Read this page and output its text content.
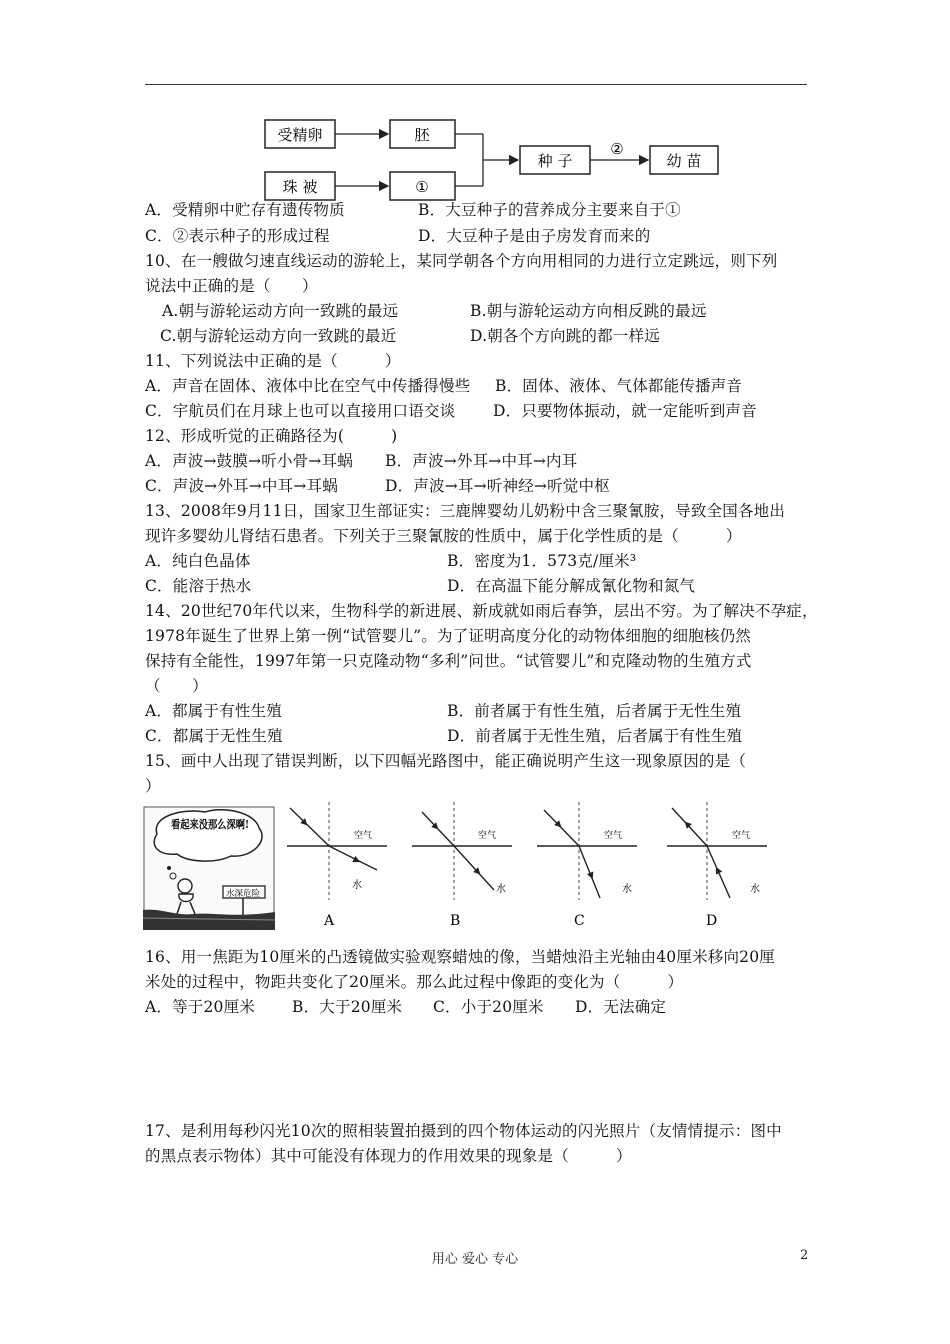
受精卵	胚
珠 被	①
种 子
②
幼 苗
A．受精卵中贮存有遗传物质	B．大豆种子的营养成分主要来自于①
C．②表示种子的形成过程	D．大豆种子是由子房发育而来的
10、在一艘做匀速直线运动的游轮上，某同学朝各个方向用相同的力进行立定跳远，则下列
说法中正确的是（　　）
A.朝与游轮运动方向一致跳的最远	B.朝与游轮运动方向相反跳的最远
C.朝与游轮运动方向一致跳的最近	D.朝各个方向跳的都一样远
11、下列说法中正确的是（　　　）
A．声音在固体、液体中比在空气中传播得慢些 B．固体、液体、气体都能传播声音
C．宇航员们在月球上也可以直接用口语交谈 D．只要物体振动，就一定能听到声音
12、形成听觉的正确路径为(　　　)
A．声波→鼓膜→听小骨→耳蜗 B．声波→外耳→中耳→内耳
C．声波→外耳→中耳→耳蜗	D．声波→耳→听神经→听觉中枢
13、2008年9月11日，国家卫生部证实：三鹿牌婴幼儿奶粉中含三聚氰胺，导致全国各地出
现许多婴幼儿肾结石患者。下列关于三聚氰胺的性质中，属于化学性质的是（　　　）
A．纯白色晶体	B．密度为1．573克/厘米³
C．能溶于热水	D．在高温下能分解成氰化物和氮气
14、20世纪70年代以来，生物科学的新进展、新成就如雨后春笋，层出不穷。为了解决不孕症，
1978年诞生了世界上第一例“试管婴儿”。为了证明高度分化的动物体细胞的细胞核仍然
保持有全能性，1997年第一只克隆动物“多利”问世。“试管婴儿”和克隆动物的生殖方式
（　　）
A．都属于有性生殖	B．前者属于有性生殖，后者属于无性生殖
C．都属于无性生殖	D．前者属于无性生殖，后者属于有性生殖
15、画中人出现了错误判断，以下四幅光路图中，能正确说明产生这一现象原因的是（
）
看起来没那么深啊!
水深危险
空气
水
A
空气
水
B
空气
水
C
空气
水
D
16、用一焦距为10厘米的凸透镜做实验观察蜡烛的像，当蜡烛沿主光轴由40厘米移向20厘
米处的过程中，物距共变化了20厘米。那么此过程中像距的变化为（　　　）
A．等于20厘米 B．大于20厘米 C．小于20厘米 D．无法确定
17、是利用每秒闪光10次的照相装置拍摄到的四个物体运动的闪光照片（友情情提示：图中
的黑点表示物体）其中可能没有体现力的作用效果的现象是（　　　）
用心 爱心 专心	2
